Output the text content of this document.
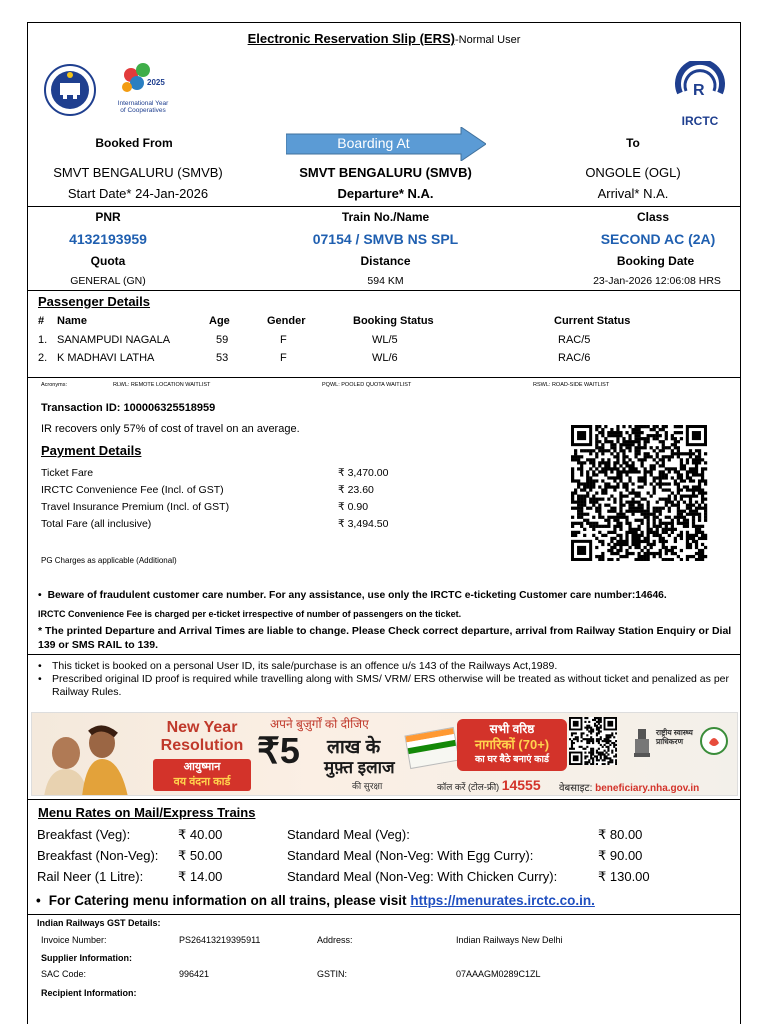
Electronic Reservation Slip (ERS)-Normal User
2025
International Year
of Cooperatives
R
IRCTC
Booked From	Boarding At	To
SMVT BENGALURU (SMVB)	SMVT BENGALURU (SMVB)	ONGOLE (OGL)
Start Date* 24-Jan-2026	Departure* N.A.	Arrival* N.A.
PNR	Train No./Name	Class
4132193959	07154 / SMVB NS SPL	SECOND AC (2A)
Quota	Distance	Booking Date
GENERAL (GN)	594 KM	23-Jan-2026 12:06:08 HRS
Passenger Details
# Name	Age	Gender	Booking Status	Current Status
1. SANAMPUDI NAGALA	59	F	WL/5	RAC/5
2. K MADHAVI LATHA	53	F	WL/6	RAC/6
Acronyms:	RLWL: REMOTE LOCATION WAITLIST	PQWL: POOLED QUOTA WAITLIST	RSWL: ROAD-SIDE WAITLIST
Transaction ID: 100006325518959
IR recovers only 57% of cost of travel on an average.
Payment Details
Ticket Fare	₹ 3,470.00
IRCTC Convenience Fee (Incl. of GST)	₹ 23.60
Travel Insurance Premium (Incl. of GST)	₹ 0.90
Total Fare (all inclusive)	₹ 3,494.50
PG Charges as applicable (Additional)
• Beware of fraudulent customer care number. For any assistance, use only the IRCTC e-ticketing Customer care number:14646.
IRCTC Convenience Fee is charged per e-ticket irrespective of number of passengers on the ticket.
* The printed Departure and Arrival Times are liable to change. Please Check correct departure, arrival from Railway Station Enquiry or Dial 139 or SMS RAIL to 139.
• This ticket is booked on a personal User ID, its sale/purchase is an offence u/s 143 of the Railways Act,1989.
• Prescribed original ID proof is required while travelling along with SMS/ VRM/ ERS otherwise will be treated as without ticket and penalized as per Railway Rules.
New Year
Resolution
आयुष्मान
वय वंदना कार्ड
अपने बुज़ुर्गों को दीजिए
₹5 लाख के
मुफ़्त इलाज
की सुरक्षा
सभी वरिष्ठ
नागरिकों (70+)
का घर बैठे बनाएं कार्ड
राष्ट्रीय स्वास्थ्य प्राधिकरण
कॉल करें (टोल-फ्री) 14555 वेबसाइट: beneficiary.nha.gov.in
Menu Rates on Mail/Express Trains
Breakfast (Veg):	₹ 40.00	Standard Meal (Veg):	₹ 80.00
Breakfast (Non-Veg): ₹ 50.00	Standard Meal (Non-Veg: With Egg Curry):	₹ 90.00
Rail Neer (1 Litre):	₹ 14.00	Standard Meal (Non-Veg: With Chicken Curry):	₹ 130.00
• For Catering menu information on all trains, please visit https://menurates.irctc.co.in.
Indian Railways GST Details:
Invoice Number:	PS26413219395911	Address:	Indian Railways New Delhi
Supplier Information:
SAC Code:	996421	GSTIN:	07AAAGM0289C1ZL
Recipient Information:
